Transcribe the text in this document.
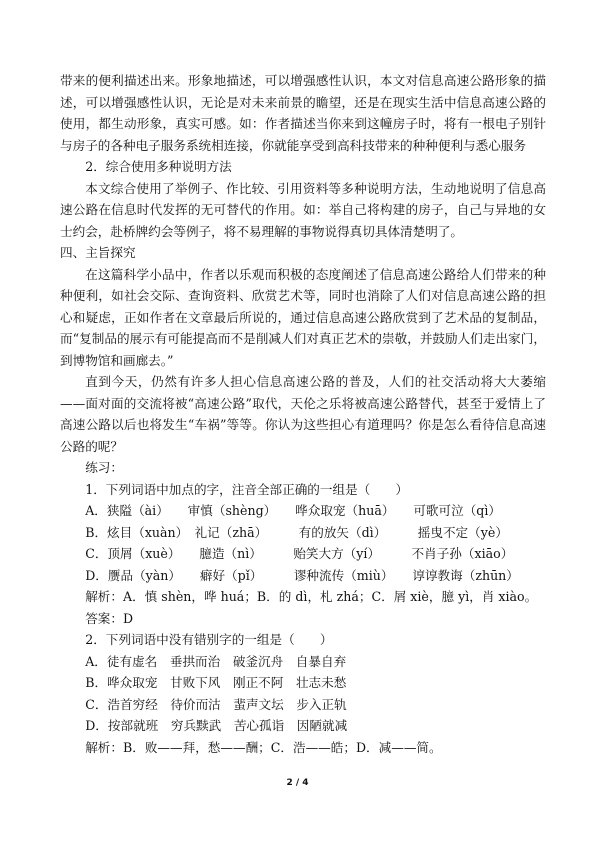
带来的便利描述出来。形象地描述，可以增强感性认识，本文对信息高速公路形象的描述，可以增强感性认识，无论是对未来前景的瞻望，还是在现实生活中信息高速公路的使用，都生动形象，真实可感。如：作者描述当你来到这幢房子时，将有一根电子别针与房子的各种电子服务系统相连接，你就能享受到高科技带来的种种便利与悉心服务

2．综合使用多种说明方法

本文综合使用了举例子、作比较、引用资料等多种说明方法，生动地说明了信息高速公路在信息时代发挥的无可替代的作用。如：举自己将构建的房子，自己与异地的女士约会，赴桥牌约会等例子，将不易理解的事物说得真切具体清楚明了。

四、主旨探究

在这篇科学小品中，作者以乐观而积极的态度阐述了信息高速公路给人们带来的种种便利，如社会交际、查询资料、欣赏艺术等，同时也消除了人们对信息高速公路的担心和疑虑，正如作者在文章最后所说的，通过信息高速公路欣赏到了艺术品的复制品，而“复制品的展示有可能提高而不是削减人们对真正艺术的崇敬，并鼓励人们走出家门，到博物馆和画廊去。”

直到今天，仍然有许多人担心信息高速公路的普及，人们的社交活动将大大萎缩——面对面的交流将被“高速公路”取代，天伦之乐将被高速公路替代，甚至于爱情上了高速公路以后也将发生“车祸”等等。你认为这些担心有道理吗？你是怎么看待信息高速公路的呢？

练习：

1．下列词语中加点的字，注音全部正确的一组是（　　）

A．狭隘（ài）　　审慎（shèng）　　哗众取宠（huā）　　可歌可泣（qì）

B．炫目（xuàn）　礼记（zhā）　　　有的放矢（dì）　　　摇曳不定（yè）

C．顶屑（xuè）　　臆造（nì）　　　贻笑大方（yí）　　　不肖子孙（xiāo）

D．赝品（yàn）　　癖好（pǐ）　　　谬种流传（miù）　　谆谆教诲（zhūn）

解析：A．慎 shèn，哗 huá；B．的 dì，札 zhá；C．屑 xiè，臆 yì，肖 xiào。

答案：D

2．下列词语中没有错别字的一组是（　　）

A．徒有虚名　垂拱而治　破釜沉舟　自暴自弃

B．哗众取宠　甘败下风　刚正不阿　壮志未愁

C．浩首穷经　待价而沽　蜚声文坛　步入正轨

D．按部就班　穷兵黩武　苦心孤诣　因陋就减

解析：B．败——拜，愁——酬；C．浩——皓；D．减——简。

2 / 4
